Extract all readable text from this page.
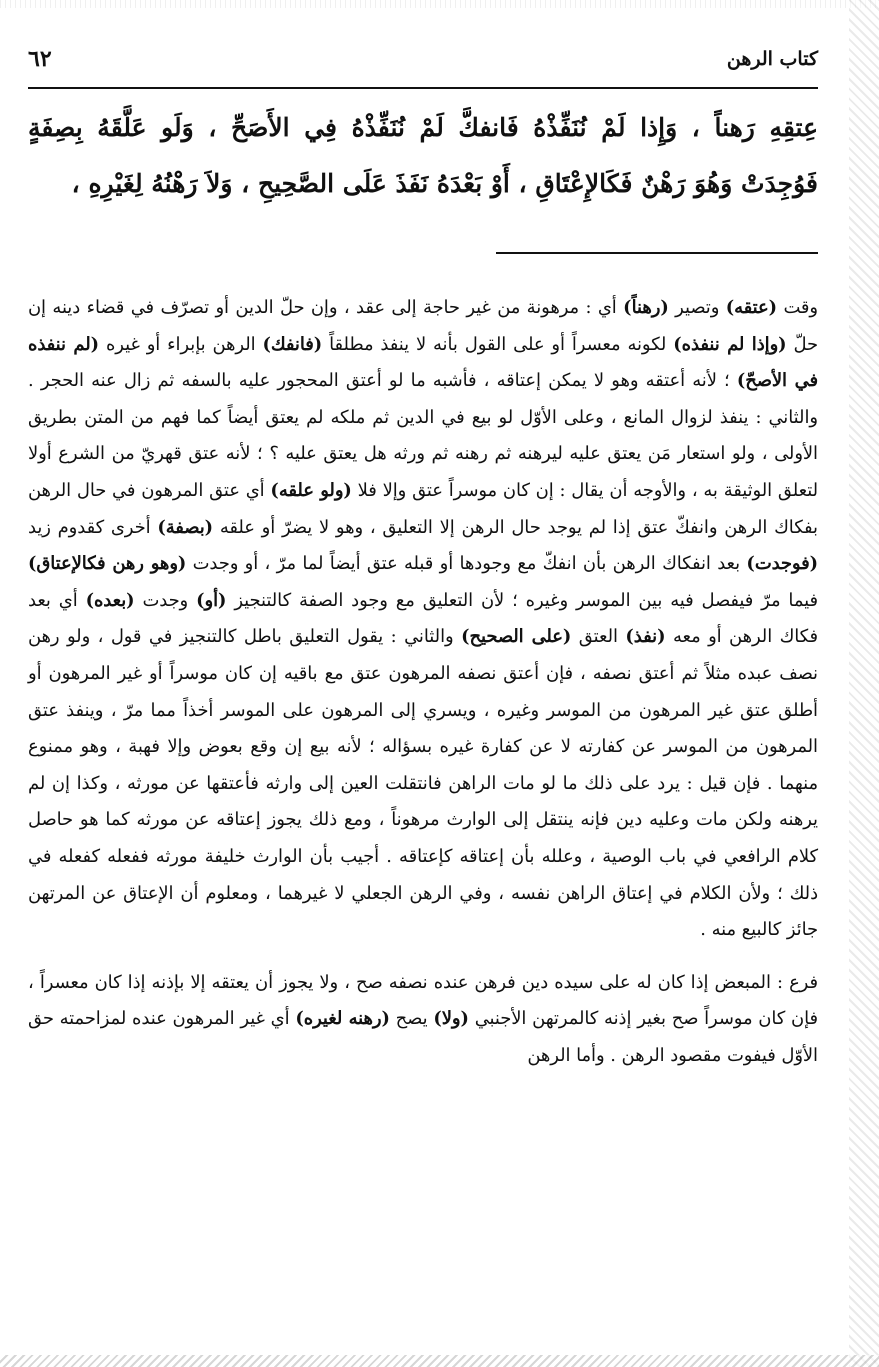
كتاب الرهن
٦٢
عِتقِهِ رَهناً ، وَإِذا لَمْ نُنَفِّذْهُ فَانفكَّ لَمْ نُنَفِّذْهُ فِي الأَصَحِّ ، وَلَو عَلَّقَهُ بِصِفَةٍ فَوُجِدَتْ وَهُوَ رَهْنٌ فَكَالإِعْتَاقِ ، أَوْ بَعْدَهُ نَفَذَ عَلَى الصَّحِيحِ ، وَلاَ رَهْنُهُ لِغَيْرِهِ ،

وقت (عتقه) وتصير (رهناً) أي : مرهونة من غير حاجة إلى عقد ، وإن حلّ الدين أو تصرّف في قضاء دينه إن حلّ (وإذا لم ننفذه) لكونه معسراً أو على القول بأنه لا ينفذ مطلقاً (فانفك) الرهن بإبراء أو غيره (لم ننفذه في الأصحّ) ؛ لأنه أعتقه وهو لا يمكن إعتاقه ، فأشبه ما لو أعتق المحجور عليه بالسفه ثم زال عنه الحجر . والثاني : ينفذ لزوال المانع ، وعلى الأوّل لو بيع في الدين ثم ملكه لم يعتق أيضاً كما فهم من المتن بطريق الأولى ، ولو استعار مَن يعتق عليه ليرهنه ثم رهنه ثم ورثه هل يعتق عليه ؟ ؛ لأنه عتق قهريّ من الشرع أولا لتعلق الوثيقة به ، والأوجه أن يقال : إن كان موسراً عتق وإلا فلا (ولو علقه) أي عتق المرهون في حال الرهن بفكاك الرهن وانفكّ عتق إذا لم يوجد حال الرهن إلا التعليق ، وهو لا يضرّ أو علقه (بصفة) أخرى كقدوم زيد (فوجدت) بعد انفكاك الرهن بأن انفكّ مع وجودها أو قبله عتق أيضاً لما مرّ ، أو وجدت (وهو رهن فكالإعتاق) فيما مرّ فيفصل فيه بين الموسر وغيره ؛ لأن التعليق مع وجود الصفة كالتنجيز (أو) وجدت (بعده) أي بعد فكاك الرهن أو معه (نفذ) العتق (على الصحيح) والثاني : يقول التعليق باطل كالتنجيز في قول ، ولو رهن نصف عبده مثلاً ثم أعتق نصفه ، فإن أعتق نصفه المرهون عتق مع باقيه إن كان موسراً أو غير المرهون أو أطلق عتق غير المرهون من الموسر وغيره ، ويسري إلى المرهون على الموسر أخذاً مما مرّ ، وينفذ عتق المرهون من الموسر عن كفارته لا عن كفارة غيره بسؤاله ؛ لأنه بيع إن وقع بعوض وإلا فهبة ، وهو ممنوع منهما . فإن قيل : يرد على ذلك ما لو مات الراهن فانتقلت العين إلى وارثه فأعتقها عن مورثه ، وكذا إن لم يرهنه ولكن مات وعليه دين فإنه ينتقل إلى الوارث مرهوناً ، ومع ذلك يجوز إعتاقه عن مورثه كما هو حاصل كلام الرافعي في باب الوصية ، وعلله بأن إعتاقه كإعتاقه . أجيب بأن الوارث خليفة مورثه ففعله كفعله في ذلك ؛ ولأن الكلام في إعتاق الراهن نفسه ، وفي الرهن الجعلي لا غيرهما ، ومعلوم أن الإعتاق عن المرتهن جائز كالبيع منه .

فرع : المبعض إذا كان له على سيده دين فرهن عنده نصفه صح ، ولا يجوز أن يعتقه إلا بإذنه إذا كان معسراً ، فإن كان موسراً صح بغير إذنه كالمرتهن الأجنبي (ولا) يصح (رهنه لغيره) أي غير المرهون عنده لمزاحمته حق الأوّل فيفوت مقصود الرهن . وأما الرهن
